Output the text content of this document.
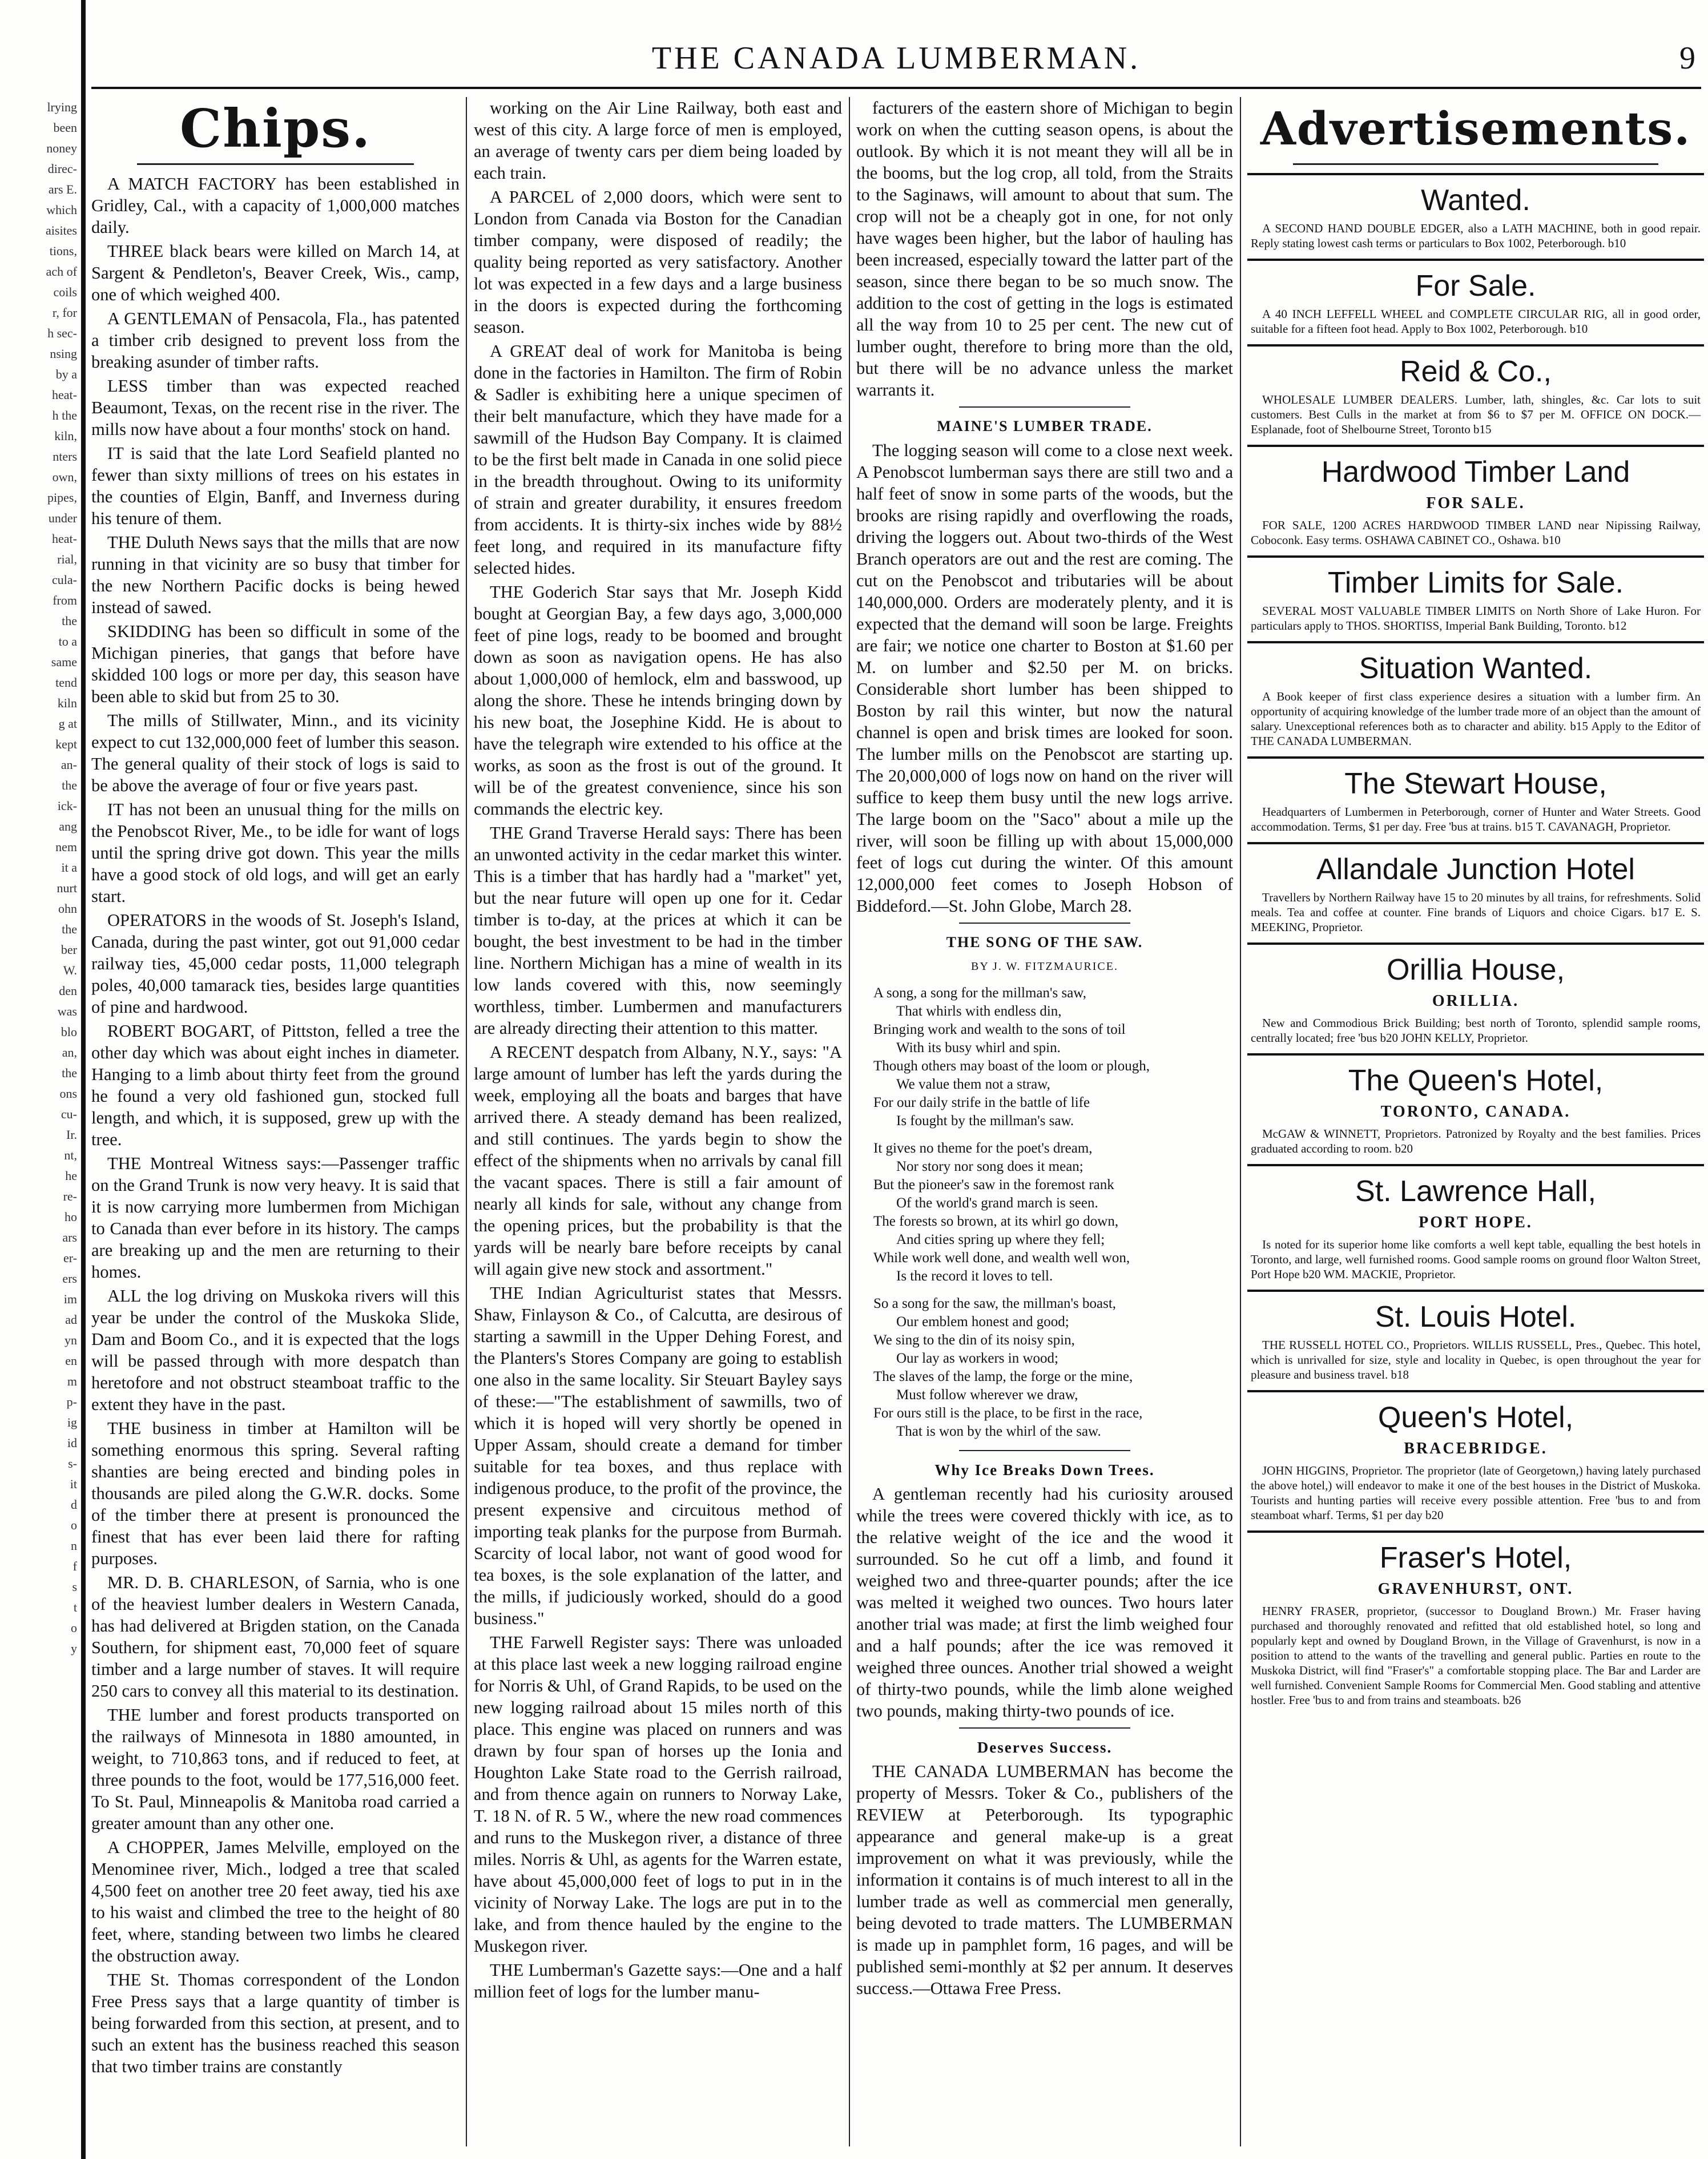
lrying
been
noney
direc-
ars E.
which
aisites
tions,
ach of
coils
r, for
h sec-
nsing
by a
heat-
h the
kiln,
nters
own,
pipes,
under
heat-
rial,
cula-
from
the
to a
same
tend
kiln
g at
kept
an-
the
ick-
ang
nem
it a
nurt
ohn
the
ber
W.
den
was
blo
an,
the
ons
cu-
Ir.
nt,
he
re-
ho
ars
er-
ers
im
ad
yn
en
m
p-
ig
id
s-
it
d
o
n
f
s
t
o
y
THE CANADA LUMBERMAN.	9
Chips.

A MATCH FACTORY has been established in Gridley, Cal., with a capacity of 1,000,000 matches daily.

THREE black bears were killed on March 14, at Sargent & Pendleton's, Beaver Creek, Wis., camp, one of which weighed 400.

A GENTLEMAN of Pensacola, Fla., has patented a timber crib designed to prevent loss from the breaking asunder of timber rafts.

LESS timber than was expected reached Beaumont, Texas, on the recent rise in the river. The mills now have about a four months' stock on hand.

IT is said that the late Lord Seafield planted no fewer than sixty millions of trees on his estates in the counties of Elgin, Banff, and Inverness during his tenure of them.

THE Duluth News says that the mills that are now running in that vicinity are so busy that timber for the new Northern Pacific docks is being hewed instead of sawed.

SKIDDING has been so difficult in some of the Michigan pineries, that gangs that before have skidded 100 logs or more per day, this season have been able to skid but from 25 to 30.

The mills of Stillwater, Minn., and its vicinity expect to cut 132,000,000 feet of lumber this season. The general quality of their stock of logs is said to be above the average of four or five years past.

IT has not been an unusual thing for the mills on the Penobscot River, Me., to be idle for want of logs until the spring drive got down. This year the mills have a good stock of old logs, and will get an early start.

OPERATORS in the woods of St. Joseph's Island, Canada, during the past winter, got out 91,000 cedar railway ties, 45,000 cedar posts, 11,000 telegraph poles, 40,000 tamarack ties, besides large quantities of pine and hardwood.

ROBERT BOGART, of Pittston, felled a tree the other day which was about eight inches in diameter. Hanging to a limb about thirty feet from the ground he found a very old fashioned gun, stocked full length, and which, it is supposed, grew up with the tree.

THE Montreal Witness says:—Passenger traffic on the Grand Trunk is now very heavy. It is said that it is now carrying more lumbermen from Michigan to Canada than ever before in its history. The camps are breaking up and the men are returning to their homes.

ALL the log driving on Muskoka rivers will this year be under the control of the Muskoka Slide, Dam and Boom Co., and it is expected that the logs will be passed through with more despatch than heretofore and not obstruct steamboat traffic to the extent they have in the past.

THE business in timber at Hamilton will be something enormous this spring. Several rafting shanties are being erected and binding poles in thousands are piled along the G.W.R. docks. Some of the timber there at present is pronounced the finest that has ever been laid there for rafting purposes.

MR. D. B. CHARLESON, of Sarnia, who is one of the heaviest lumber dealers in Western Canada, has had delivered at Brigden station, on the Canada Southern, for shipment east, 70,000 feet of square timber and a large number of staves. It will require 250 cars to convey all this material to its destination.

THE lumber and forest products transported on the railways of Minnesota in 1880 amounted, in weight, to 710,863 tons, and if reduced to feet, at three pounds to the foot, would be 177,516,000 feet. To St. Paul, Minneapolis & Manitoba road carried a greater amount than any other one.

A CHOPPER, James Melville, employed on the Menominee river, Mich., lodged a tree that scaled 4,500 feet on another tree 20 feet away, tied his axe to his waist and climbed the tree to the height of 80 feet, where, standing between two limbs he cleared the obstruction away.

THE St. Thomas correspondent of the London Free Press says that a large quantity of timber is being forwarded from this section, at present, and to such an extent has the business reached this season that two timber trains are constantly

working on the Air Line Railway, both east and west of this city. A large force of men is employed, an average of twenty cars per diem being loaded by each train.

A PARCEL of 2,000 doors, which were sent to London from Canada via Boston for the Canadian timber company, were disposed of readily; the quality being reported as very satisfactory. Another lot was expected in a few days and a large business in the doors is expected during the forthcoming season.

A GREAT deal of work for Manitoba is being done in the factories in Hamilton. The firm of Robin & Sadler is exhibiting here a unique specimen of their belt manufacture, which they have made for a sawmill of the Hudson Bay Company. It is claimed to be the first belt made in Canada in one solid piece in the breadth throughout. Owing to its uniformity of strain and greater durability, it ensures freedom from accidents. It is thirty-six inches wide by 88½ feet long, and required in its manufacture fifty selected hides.

THE Goderich Star says that Mr. Joseph Kidd bought at Georgian Bay, a few days ago, 3,000,000 feet of pine logs, ready to be boomed and brought down as soon as navigation opens. He has also about 1,000,000 of hemlock, elm and basswood, up along the shore. These he intends bringing down by his new boat, the Josephine Kidd. He is about to have the telegraph wire extended to his office at the works, as soon as the frost is out of the ground. It will be of the greatest convenience, since his son commands the electric key.

THE Grand Traverse Herald says: There has been an unwonted activity in the cedar market this winter. This is a timber that has hardly had a "market" yet, but the near future will open up one for it. Cedar timber is to-day, at the prices at which it can be bought, the best investment to be had in the timber line. Northern Michigan has a mine of wealth in its low lands covered with this, now seemingly worthless, timber. Lumbermen and manufacturers are already directing their attention to this matter.

A RECENT despatch from Albany, N.Y., says: "A large amount of lumber has left the yards during the week, employing all the boats and barges that have arrived there. A steady demand has been realized, and still continues. The yards begin to show the effect of the shipments when no arrivals by canal fill the vacant spaces. There is still a fair amount of nearly all kinds for sale, without any change from the opening prices, but the probability is that the yards will be nearly bare before receipts by canal will again give new stock and assortment."

THE Indian Agriculturist states that Messrs. Shaw, Finlayson & Co., of Calcutta, are desirous of starting a sawmill in the Upper Dehing Forest, and the Planters's Stores Company are going to establish one also in the same locality. Sir Steuart Bayley says of these:—"The establishment of sawmills, two of which it is hoped will very shortly be opened in Upper Assam, should create a demand for timber suitable for tea boxes, and thus replace with indigenous produce, to the profit of the province, the present expensive and circuitous method of importing teak planks for the purpose from Burmah. Scarcity of local labor, not want of good wood for tea boxes, is the sole explanation of the latter, and the mills, if judiciously worked, should do a good business."

THE Farwell Register says: There was unloaded at this place last week a new logging railroad engine for Norris & Uhl, of Grand Rapids, to be used on the new logging railroad about 15 miles north of this place. This engine was placed on runners and was drawn by four span of horses up the Ionia and Houghton Lake State road to the Gerrish railroad, and from thence again on runners to Norway Lake, T. 18 N. of R. 5 W., where the new road commences and runs to the Muskegon river, a distance of three miles. Norris & Uhl, as agents for the Warren estate, have about 45,000,000 feet of logs to put in in the vicinity of Norway Lake. The logs are put in to the lake, and from thence hauled by the engine to the Muskegon river.

THE Lumberman's Gazette says:—One and a half million feet of logs for the lumber manu-

facturers of the eastern shore of Michigan to begin work on when the cutting season opens, is about the outlook. By which it is not meant they will all be in the booms, but the log crop, all told, from the Straits to the Saginaws, will amount to about that sum. The crop will not be a cheaply got in one, for not only have wages been higher, but the labor of hauling has been increased, especially toward the latter part of the season, since there began to be so much snow. The addition to the cost of getting in the logs is estimated all the way from 10 to 25 per cent. The new cut of lumber ought, therefore to bring more than the old, but there will be no advance unless the market warrants it.

MAINE'S LUMBER TRADE.

The logging season will come to a close next week. A Penobscot lumberman says there are still two and a half feet of snow in some parts of the woods, but the brooks are rising rapidly and overflowing the roads, driving the loggers out. About two-thirds of the West Branch operators are out and the rest are coming. The cut on the Penobscot and tributaries will be about 140,000,000. Orders are moderately plenty, and it is expected that the demand will soon be large. Freights are fair; we notice one charter to Boston at $1.60 per M. on lumber and $2.50 per M. on bricks. Considerable short lumber has been shipped to Boston by rail this winter, but now the natural channel is open and brisk times are looked for soon. The lumber mills on the Penobscot are starting up. The 20,000,000 of logs now on hand on the river will suffice to keep them busy until the new logs arrive. The large boom on the "Saco" about a mile up the river, will soon be filling up with about 15,000,000 feet of logs cut during the winter. Of this amount 12,000,000 feet comes to Joseph Hobson of Biddeford.—St. John Globe, March 28.

THE SONG OF THE SAW.
BY J. W. FITZMAURICE.
A song, a song for the millman's saw,
That whirls with endless din,
Bringing work and wealth to the sons of toil
With its busy whirl and spin.
Though others may boast of the loom or plough,
We value them not a straw,
For our daily strife in the battle of life
Is fought by the millman's saw.
It gives no theme for the poet's dream,
Nor story nor song does it mean;
But the pioneer's saw in the foremost rank
Of the world's grand march is seen.
The forests so brown, at its whirl go down,
And cities spring up where they fell;
While work well done, and wealth well won,
Is the record it loves to tell.
So a song for the saw, the millman's boast,
Our emblem honest and good;
We sing to the din of its noisy spin,
Our lay as workers in wood;
The slaves of the lamp, the forge or the mine,
Must follow wherever we draw,
For ours still is the place, to be first in the race,
That is won by the whirl of the saw.
Why Ice Breaks Down Trees.

A gentleman recently had his curiosity aroused while the trees were covered thickly with ice, as to the relative weight of the ice and the wood it surrounded. So he cut off a limb, and found it weighed two and three-quarter pounds; after the ice was melted it weighed two ounces. Two hours later another trial was made; at first the limb weighed four and a half pounds; after the ice was removed it weighed three ounces. Another trial showed a weight of thirty-two pounds, while the limb alone weighed two pounds, making thirty-two pounds of ice.

Deserves Success.

THE CANADA LUMBERMAN has become the property of Messrs. Toker & Co., publishers of the REVIEW at Peterborough. Its typographic appearance and general make-up is a great improvement on what it was previously, while the information it contains is of much interest to all in the lumber trade as well as commercial men generally, being devoted to trade matters. The LUMBERMAN is made up in pamphlet form, 16 pages, and will be published semi-monthly at $2 per annum. It deserves success.—Ottawa Free Press.

Advertisements.
Wanted.

A SECOND HAND DOUBLE EDGER, also a LATH MACHINE, both in good repair. Reply stating lowest cash terms or particulars to Box 1002, Peterborough. b10

For Sale.

A 40 INCH LEFFELL WHEEL and COMPLETE CIRCULAR RIG, all in good order, suitable for a fifteen foot head. Apply to Box 1002, Peterborough. b10

Reid & Co.,

WHOLESALE LUMBER DEALERS. Lumber, lath, shingles, &c. Car lots to suit customers. Best Culls in the market at from $6 to $7 per M. OFFICE ON DOCK.—Esplanade, foot of Shelbourne Street, Toronto b15

Hardwood Timber Land
FOR SALE.

FOR SALE, 1200 ACRES HARDWOOD TIMBER LAND near Nipissing Railway, Coboconk. Easy terms. OSHAWA CABINET CO., Oshawa. b10

Timber Limits for Sale.

SEVERAL MOST VALUABLE TIMBER LIMITS on North Shore of Lake Huron. For particulars apply to THOS. SHORTISS, Imperial Bank Building, Toronto. b12

Situation Wanted.

A Book keeper of first class experience desires a situation with a lumber firm. An opportunity of acquiring knowledge of the lumber trade more of an object than the amount of salary. Unexceptional references both as to character and ability. b15 Apply to the Editor of THE CANADA LUMBERMAN.

The Stewart House,

Headquarters of Lumbermen in Peterborough, corner of Hunter and Water Streets. Good accommodation. Terms, $1 per day. Free 'bus at trains. b15 T. CAVANAGH, Proprietor.

Allandale Junction Hotel

Travellers by Northern Railway have 15 to 20 minutes by all trains, for refreshments. Solid meals. Tea and coffee at counter. Fine brands of Liquors and choice Cigars. b17 E. S. MEEKING, Proprietor.

Orillia House,
ORILLIA.

New and Commodious Brick Building; best north of Toronto, splendid sample rooms, centrally located; free 'bus b20 JOHN KELLY, Proprietor.

The Queen's Hotel,
TORONTO, CANADA.

McGAW & WINNETT, Proprietors. Patronized by Royalty and the best families. Prices graduated according to room. b20

St. Lawrence Hall,
PORT HOPE.

Is noted for its superior home like comforts a well kept table, equalling the best hotels in Toronto, and large, well furnished rooms. Good sample rooms on ground floor Walton Street, Port Hope b20 WM. MACKIE, Proprietor.

St. Louis Hotel.

THE RUSSELL HOTEL CO., Proprietors. WILLIS RUSSELL, Pres., Quebec. This hotel, which is unrivalled for size, style and locality in Quebec, is open throughout the year for pleasure and business travel. b18

Queen's Hotel,
BRACEBRIDGE.

JOHN HIGGINS, Proprietor. The proprietor (late of Georgetown,) having lately purchased the above hotel,) will endeavor to make it one of the best houses in the District of Muskoka. Tourists and hunting parties will receive every possible attention. Free 'bus to and from steamboat wharf. Terms, $1 per day b20

Fraser's Hotel,
GRAVENHURST, ONT.

HENRY FRASER, proprietor, (successor to Dougland Brown.) Mr. Fraser having purchased and thoroughly renovated and refitted that old established hotel, so long and popularly kept and owned by Dougland Brown, in the Village of Gravenhurst, is now in a position to attend to the wants of the travelling and general public. Parties en route to the Muskoka District, will find "Fraser's" a comfortable stopping place. The Bar and Larder are well furnished. Convenient Sample Rooms for Commercial Men. Good stabling and attentive hostler. Free 'bus to and from trains and steamboats. b26
